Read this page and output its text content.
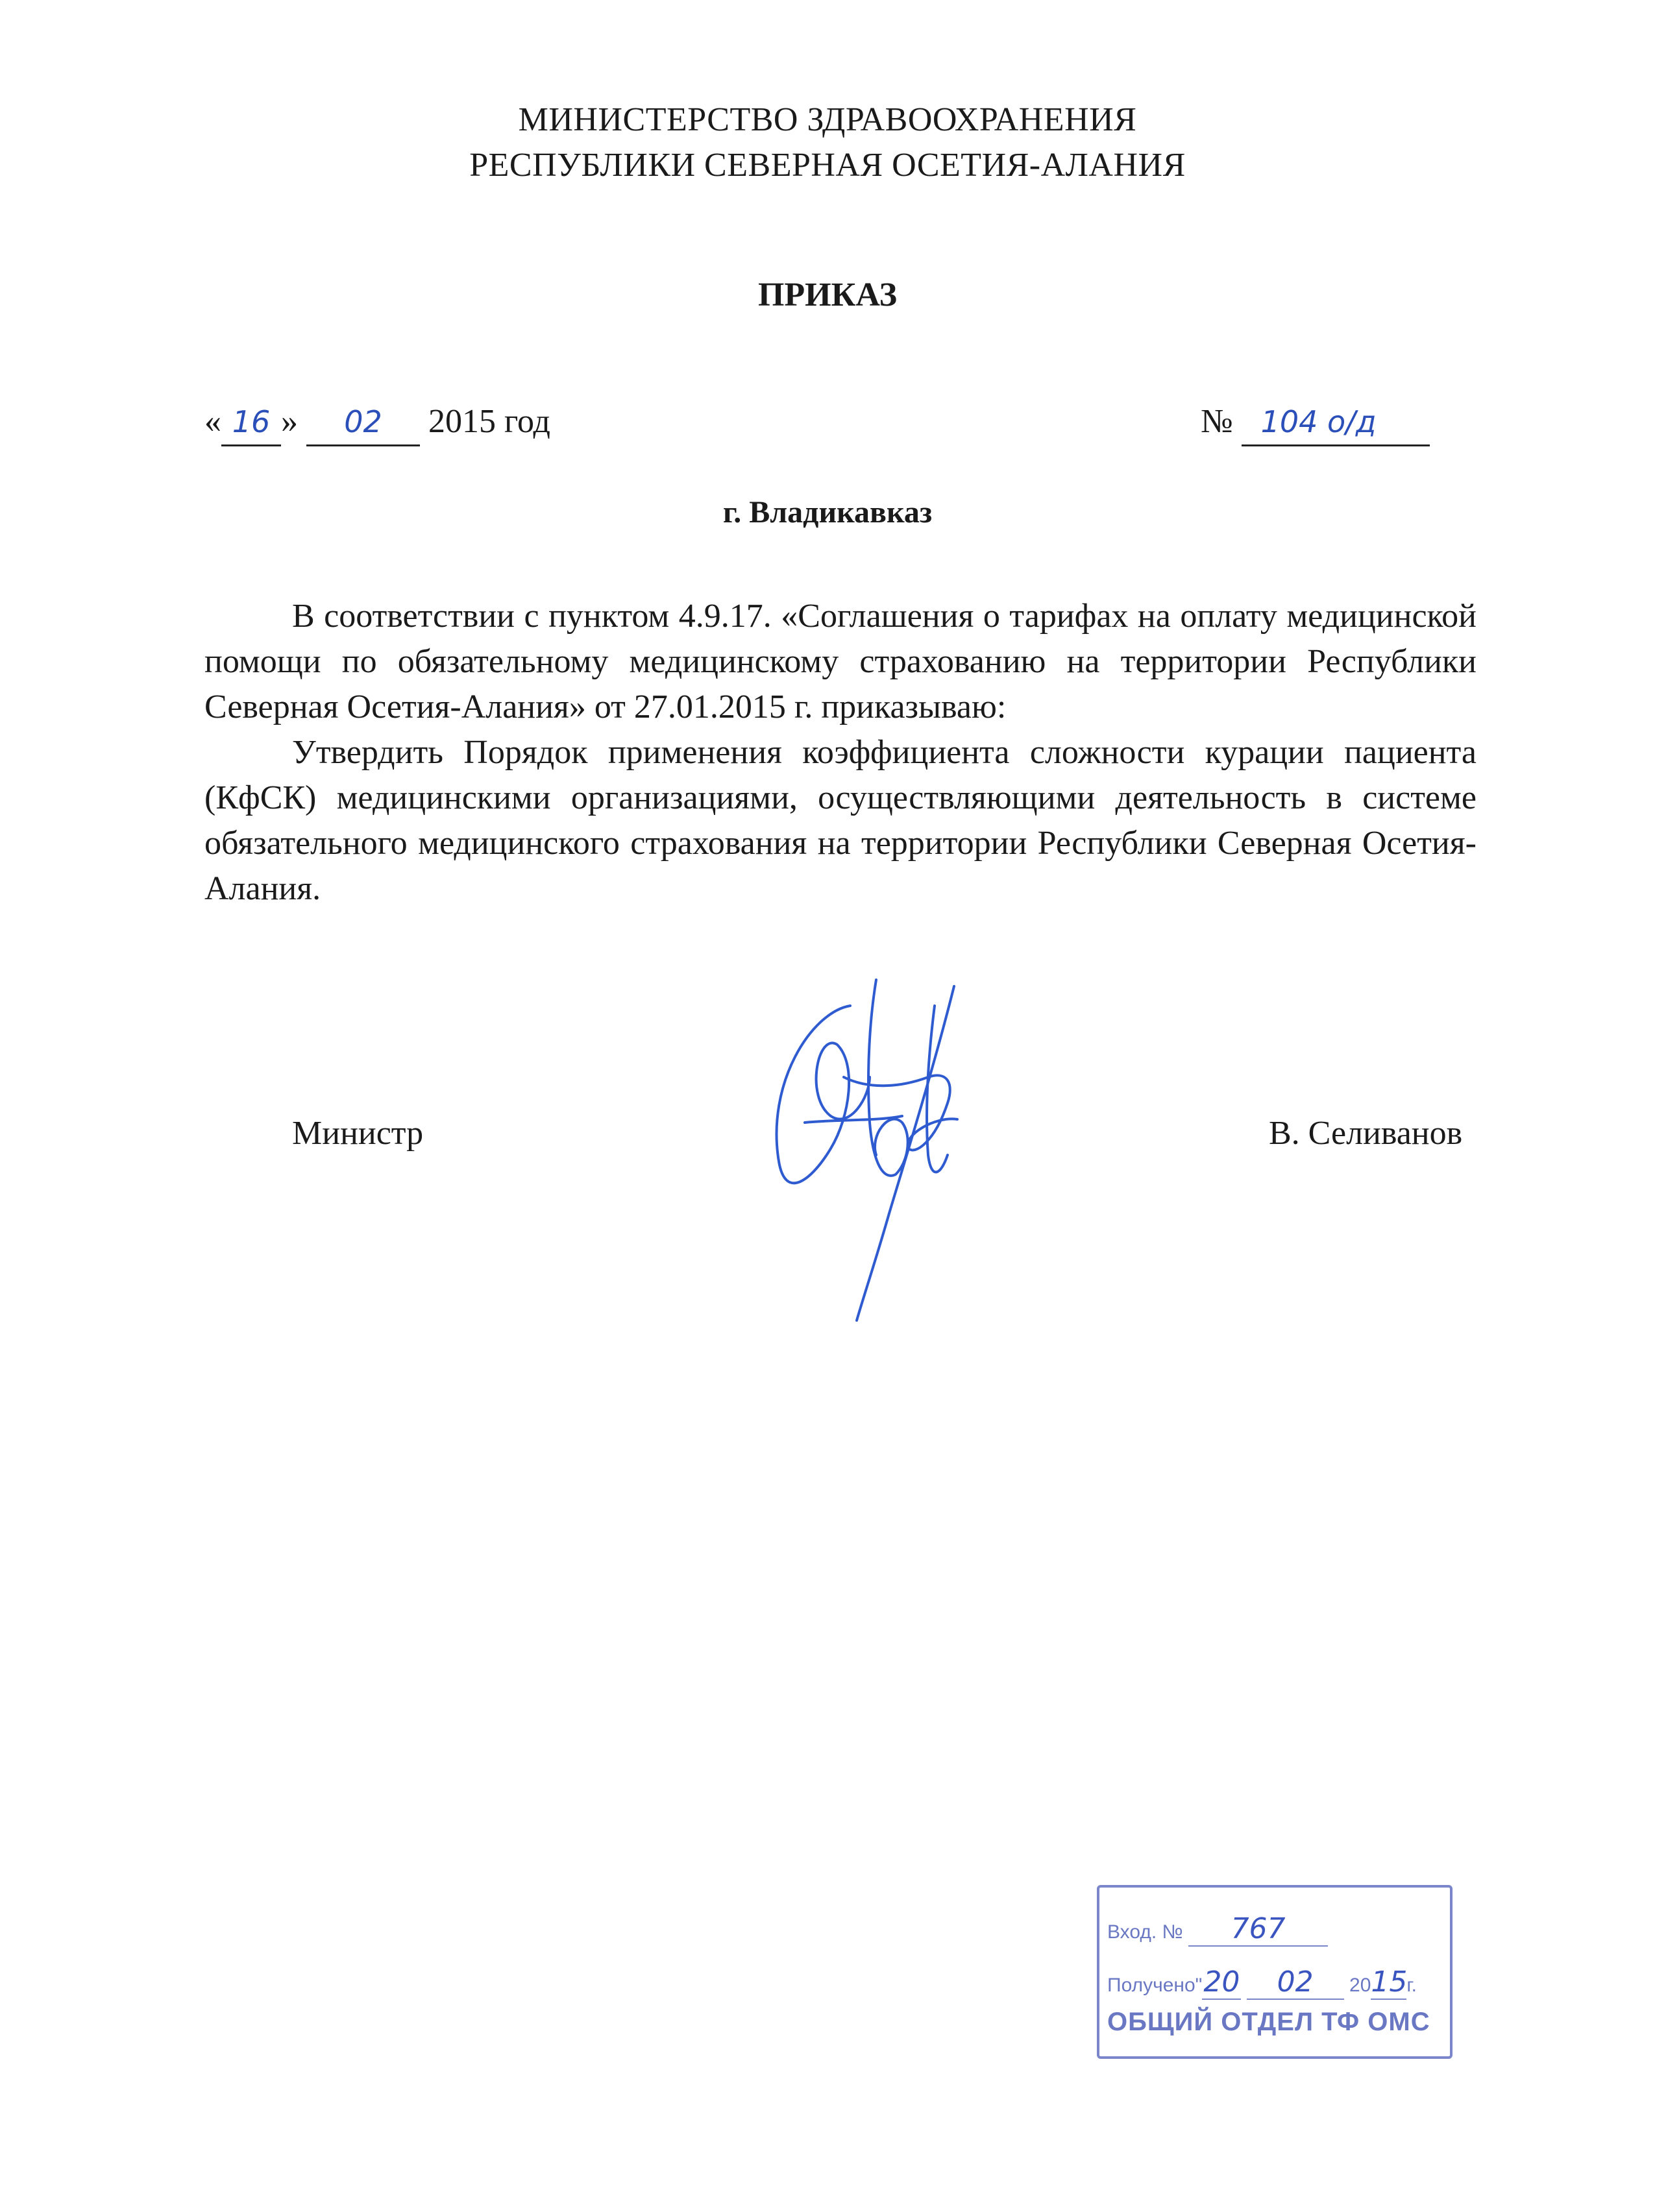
МИНИСТЕРСТВО ЗДРАВООХРАНЕНИЯ
РЕСПУБЛИКИ СЕВЕРНАЯ ОСЕТИЯ-АЛАНИЯ
ПРИКАЗ
« 16 » 02 2015 год	№ 104 о/д
г. Владикавказ

В соответствии с пунктом 4.9.17. «Соглашения о тарифах на оплату медицинской помощи по обязательному медицинскому страхованию на территории Республики Северная Осетия-Алания» от 27.01.2015 г. приказываю:

Утвердить Порядок применения коэффициента сложности курации пациента (КфСК) медицинскими организациями, осуществляющими деятельность в системе обязательного медицинского страхования на территории Республики Северная Осетия-Алания.

Министр	В. Селиванов
Вход. № 767
Получено"20 02 2015г.
ОБЩИЙ ОТДЕЛ ТФ ОМС
